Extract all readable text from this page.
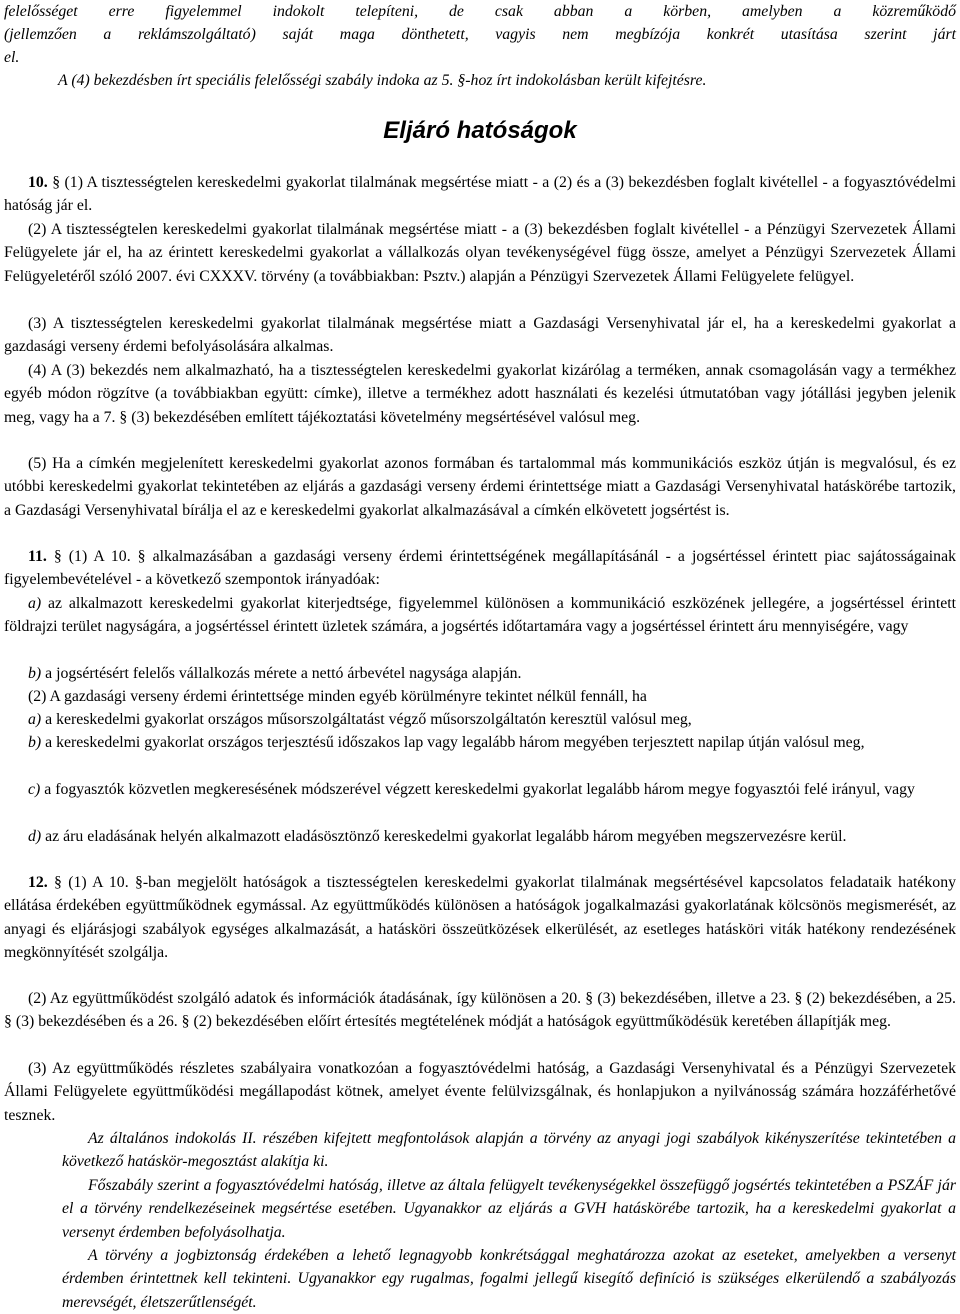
felelősséget erre figyelemmel indokolt telepíteni, de csak abban a körben, amelyben a közreműködő

(jellemzően a reklámszolgáltató) saját maga dönthetett, vagyis nem megbízója konkrét utasítása szerint járt

el.

A (4) bekezdésben írt speciális felelősségi szabály indoka az 5. §-hoz írt indokolásban került kifejtésre.

Eljáró hatóságok

10. § (1) A tisztességtelen kereskedelmi gyakorlat tilalmának megsértése miatt - a (2) és a (3) bekezdésben foglalt kivétellel - a fogyasztóvédelmi hatóság jár el.

(2) A tisztességtelen kereskedelmi gyakorlat tilalmának megsértése miatt - a (3) bekezdésben foglalt kivétellel - a Pénzügyi Szervezetek Állami Felügyelete jár el, ha az érintett kereskedelmi gyakorlat a vállalkozás olyan tevékenységével függ össze, amelyet a Pénzügyi Szervezetek Állami Felügyeletéről szóló 2007. évi CXXXV. törvény (a továbbiakban: Psztv.) alapján a Pénzügyi Szervezetek Állami Felügyelete felügyel.

(3) A tisztességtelen kereskedelmi gyakorlat tilalmának megsértése miatt a Gazdasági Versenyhivatal jár el, ha a kereskedelmi gyakorlat a gazdasági verseny érdemi befolyásolására alkalmas.

(4) A (3) bekezdés nem alkalmazható, ha a tisztességtelen kereskedelmi gyakorlat kizárólag a terméken, annak csomagolásán vagy a termékhez egyéb módon rögzítve (a továbbiakban együtt: címke), illetve a termékhez adott használati és kezelési útmutatóban vagy jótállási jegyben jelenik meg, vagy ha a 7. § (3) bekezdésében említett tájékoztatási követelmény megsértésével valósul meg.

(5) Ha a címkén megjelenített kereskedelmi gyakorlat azonos formában és tartalommal más kommunikációs eszköz útján is megvalósul, és ez utóbbi kereskedelmi gyakorlat tekintetében az eljárás a gazdasági verseny érdemi érintettsége miatt a Gazdasági Versenyhivatal hatáskörébe tartozik, a Gazdasági Versenyhivatal bírálja el az e kereskedelmi gyakorlat alkalmazásával a címkén elkövetett jogsértést is.

11. § (1) A 10. § alkalmazásában a gazdasági verseny érdemi érintettségének megállapításánál - a jogsértéssel érintett piac sajátosságainak figyelembevételével - a következő szempontok irányadóak:

a) az alkalmazott kereskedelmi gyakorlat kiterjedtsége, figyelemmel különösen a kommunikáció eszközének jellegére, a jogsértéssel érintett földrajzi terület nagyságára, a jogsértéssel érintett üzletek számára, a jogsértés időtartamára vagy a jogsértéssel érintett áru mennyiségére, vagy

b) a jogsértésért felelős vállalkozás mérete a nettó árbevétel nagysága alapján.

(2) A gazdasági verseny érdemi érintettsége minden egyéb körülményre tekintet nélkül fennáll, ha

a) a kereskedelmi gyakorlat országos műsorszolgáltatást végző műsorszolgáltatón keresztül valósul meg,

b) a kereskedelmi gyakorlat országos terjesztésű időszakos lap vagy legalább három megyében terjesztett napilap útján valósul meg,

c) a fogyasztók közvetlen megkeresésének módszerével végzett kereskedelmi gyakorlat legalább három megye fogyasztói felé irányul, vagy

d) az áru eladásának helyén alkalmazott eladásösztönző kereskedelmi gyakorlat legalább három megyében megszervezésre kerül.

12. § (1) A 10. §-ban megjelölt hatóságok a tisztességtelen kereskedelmi gyakorlat tilalmának megsértésével kapcsolatos feladataik hatékony ellátása érdekében együttműködnek egymással. Az együttműködés különösen a hatóságok jogalkalmazási gyakorlatának kölcsönös megismerését, az anyagi és eljárásjogi szabályok egységes alkalmazását, a hatásköri összeütközések elkerülését, az esetleges hatásköri viták hatékony rendezésének megkönnyítését szolgálja.

(2) Az együttműködést szolgáló adatok és információk átadásának, így különösen a 20. § (3) bekezdésében, illetve a 23. § (2) bekezdésében, a 25. § (3) bekezdésében és a 26. § (2) bekezdésében előírt értesítés megtételének módját a hatóságok együttműködésük keretében állapítják meg.

(3) Az együttműködés részletes szabályaira vonatkozóan a fogyasztóvédelmi hatóság, a Gazdasági Versenyhivatal és a Pénzügyi Szervezetek Állami Felügyelete együttműködési megállapodást kötnek, amelyet évente felülvizsgálnak, és honlapjukon a nyilvánosság számára hozzáférhetővé tesznek.

Az általános indokolás II. részében kifejtett megfontolások alapján a törvény az anyagi jogi szabályok kikényszerítése tekintetében a következő hatáskör-megosztást alakítja ki.

Főszabály szerint a fogyasztóvédelmi hatóság, illetve az általa felügyelt tevékenységekkel összefüggő jogsértés tekintetében a PSZÁF jár el a törvény rendelkezéseinek megsértése esetében. Ugyanakkor az eljárás a GVH hatáskörébe tartozik, ha a kereskedelmi gyakorlat a versenyt érdemben befolyásolhatja.

A törvény a jogbiztonság érdekében a lehető legnagyobb konkrétsággal meghatározza azokat az eseteket, amelyekben a versenyt érdemben érintettnek kell tekinteni. Ugyanakkor egy rugalmas, fogalmi jellegű kisegítő definíció is szükséges elkerülendő a szabályozás merevségét, életszerűtlenségét.
